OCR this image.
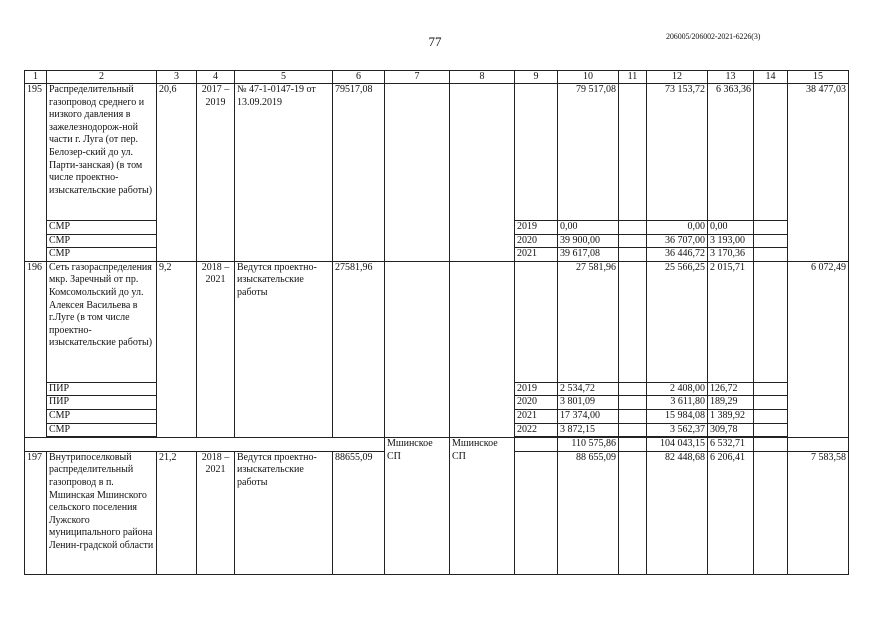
206005/206002-2021-6226(3)
77
1	2	3	4	5	6	7	8	9	10	11	12	13	14	15
195	Распределительный газопровод среднего и низкого давления в зажелезнодорож-ной части г. Луга (от пер. Белозер-ский до ул. Парти-занская) (в том числе проектно-изыскательские работы)	20,6	2017 – 2019	№ 47-1-0147-19 от 13.09.2019	79517,08				79 517,08		73 153,72	6 363,36		38 477,03
	СМР							2019	0,00		0,00	0,00		
	СМР							2020	39 900,00		36 707,00	3 193,00		
	СМР							2021	39 617,08		36 446,72	3 170,36		
196	Сеть газораспределения мкр. Заречный от пр. Комсомольский до ул. Алексея Васильева в г.Луге (в том числе проектно-изыскательские работы)	9,2	2018 – 2021	Ведутся проектно-изыскательские работы	27581,96				27 581,96		25 566,25	2 015,71		6 072,49
	ПИР							2019	2 534,72		2 408,00	126,72		
	ПИР							2020	3 801,09		3 611,80	189,29		
	СМР							2021	17 374,00		15 984,08	1 389,92		
	СМР							2022	3 872,15		3 562,37	309,78		

						Мшинское СП	Мшинское СП		110 575,86		104 043,15	6 532,71		
197	Внутрипоселковый распределительный газопровод в п. Мшинская Мшинского сельского поселения Лужского муниципального района Ленин-градской области	21,2	2018 – 2021	Ведутся проектно-изыскательские работы	88655,09				88 655,09		82 448,68	6 206,41		7 583,58
